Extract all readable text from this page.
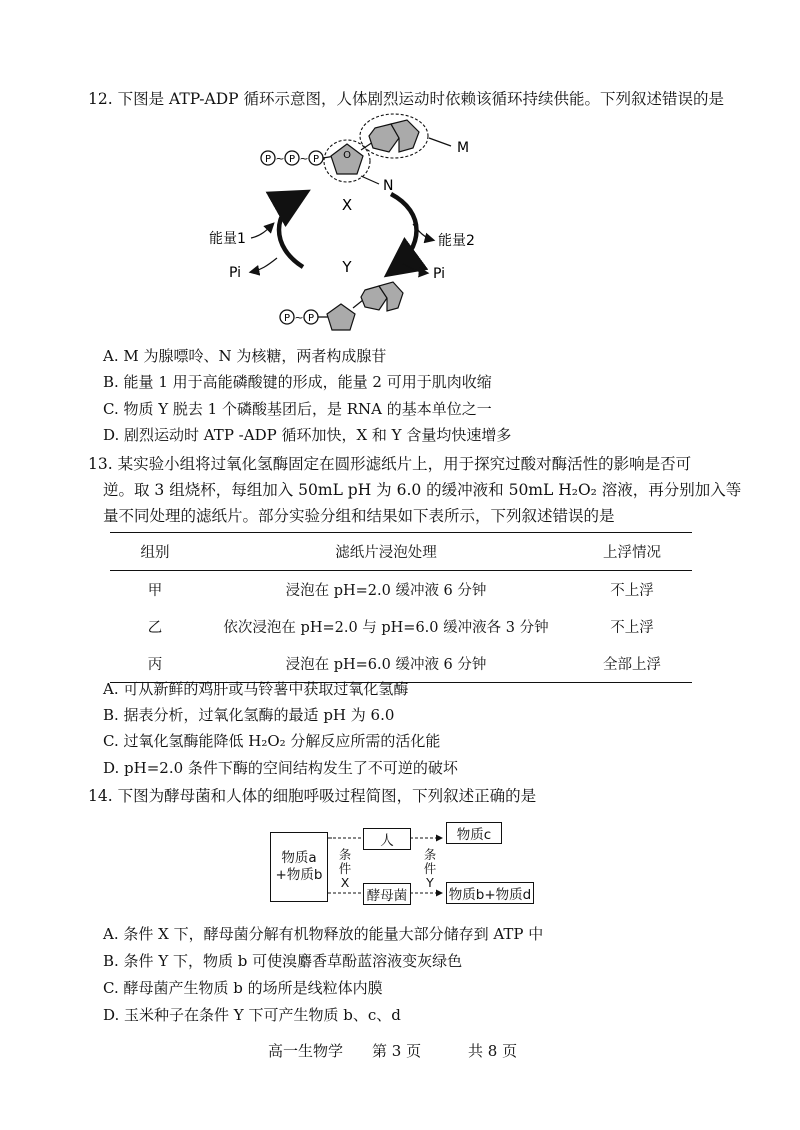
12. 下图是 ATP-ADP 循环示意图，人体剧烈运动时依赖该循环持续供能。下列叙述错误的是
P P P
~ ~	O	M
N
X
Y
能量1
Pi
能量2
Pi
P P
~
A. M 为腺嘌呤、N 为核糖，两者构成腺苷
B. 能量 1 用于高能磷酸键的形成，能量 2 可用于肌肉收缩
C. 物质 Y 脱去 1 个磷酸基团后，是 RNA 的基本单位之一
D. 剧烈运动时 ATP -ADP 循环加快，X 和 Y 含量均快速增多
13. 某实验小组将过氧化氢酶固定在圆形滤纸片上，用于探究过酸对酶活性的影响是否可
逆。取 3 组烧杯，每组加入 50mL pH 为 6.0 的缓冲液和 50mL H₂O₂ 溶液，再分别加入等
量不同处理的滤纸片。部分实验分组和结果如下表所示，下列叙述错误的是
组别	滤纸片浸泡处理	上浮情况
甲	浸泡在 pH=2.0 缓冲液 6 分钟	不上浮
乙	依次浸泡在 pH=2.0 与 pH=6.0 缓冲液各 3 分钟	不上浮
丙	浸泡在 pH=6.0 缓冲液 6 分钟	全部上浮
A. 可从新鲜的鸡肝或马铃薯中获取过氧化氢酶
B. 据表分析，过氧化氢酶的最适 pH 为 6.0
C. 过氧化氢酶能降低 H₂O₂ 分解反应所需的活化能
D. pH=2.0 条件下酶的空间结构发生了不可逆的破坏
14. 下图为酵母菌和人体的细胞呼吸过程简图，下列叙述正确的是
物质a
+物质b
人
酵母菌
物质c
物质b+物质d
条
件
X
条
件
Y
A. 条件 X 下，酵母菌分解有机物释放的能量大部分储存到 ATP 中
B. 条件 Y 下，物质 b 可使溴麝香草酚蓝溶液变灰绿色
C. 酵母菌产生物质 b 的场所是线粒体内膜
D. 玉米种子在条件 Y 下可产生物质 b、c、d
高一生物学 第 3 页	共 8 页
